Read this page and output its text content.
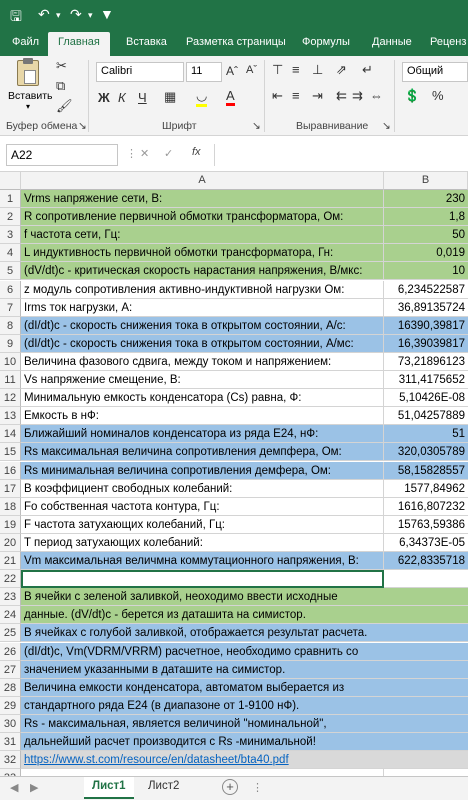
🖫 ↶ ▾ ↷ ▾ ▼
Файл	Главная	Вставка Разметка страницы Формулы Данные Реценз
Вставить
▾
✂
⧉
🖌
Буфер обмена ↘
Calibri	11	Aˆ Aˇ
Ж К Ч ▦ ◡ A
Шрифт	↘
⊤ ≡ ⊥ ⇗ ↵
⇤ ≡ ⇥ ⇇ ⇉ ⇔
Выравнивание ↘
Общий
💲 %
A22	⋮ ✕ ✓ fx
A	B
1 Vrms напряжение сети, В:	230
2 R сопротивление первичной обмотки трансформатора, Ом:	1,8
3 f частота сети, Гц:	50
4 L индуктивность первичной обмотки трансформатора, Гн:	0,019
5 (dV/dt)c - критическая скорость нарастания напряжения, В/мкс:	10
6 z модуль сопротивления активно-индуктивной нагрузки Ом:	6,234522587
7 Irms ток нагрузки, А:	36,89135724
8 (dI/dt)c - скорость снижения тока в открытом состоянии, А/с:	16390,39817
9 (dI/dt)c - скорость снижения тока в открытом состоянии, А/мс:	16,39039817
10 Величина фазового сдвига, между током и напряжением:	73,21896123
11 Vs напряжение смещение, В:	311,4175652
12 Минимальную емкость конденсатора (Cs) равна, Ф:	5,10426E-08
13 Емкость в нФ:	51,04257889
14 Ближайший номиналов конденсатора из ряда Е24, нФ:	51
15 Rs максимальная величина сопротивления демпфера, Ом:	320,0305789
16 Rs минимальная величина сопротивления демфера, Ом:	58,15828557
17 В коэффициент свободных колебаний:	1577,84962
18 Fo собственная частота контура, Гц:	1616,807232
19 F частота затухающих колебаний, Гц:	15763,59386
20 T период затухающих колебаний:	6,34373E-05
21 Vm максимальная величмна коммутационного напряжения, В:	622,8335718
22
23 В ячейки с зеленой заливкой, неоходимо ввести исходные
24 данные. (dV/dt)c - берется из даташита на симистор.
25 В ячейках с голубой заливкой, отображается результат расчета.
26 (dI/dt)c, Vm(VDRM/VRRM) расчетное, необходимо сравнить со
27 значением указанными в даташите на симистор.
28 Величина емкости конденсатора, автоматом выберается из
29 стандартного ряда Е24 (в диапазоне от 1-9100 нФ).
30 Rs - максимальная, является величиной "номинальной",
31 дальнейший расчет производится с Rs -минимальной!
32 https://www.st.com/resource/en/datasheet/bta40.pdf
◀ ▶	Лист1	Лист2	+	⋮
